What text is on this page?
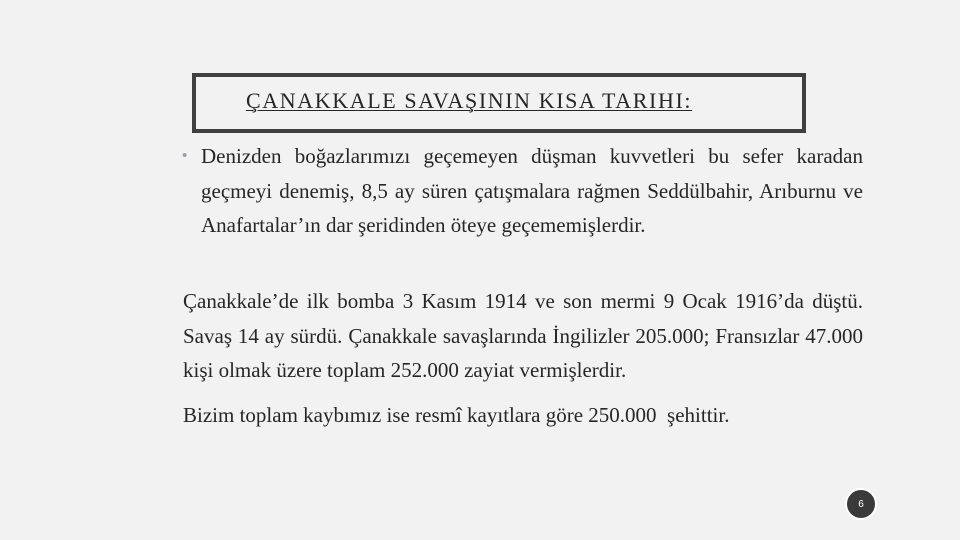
ÇANAKKALE SAVAŞININ KISA TARIHI:
• Denizden boğazlarımızı geçemeyen düşman kuvvetleri bu sefer karadan geçmeyi denemiş, 8,5 ay süren çatışmalara rağmen Seddülbahir, Arıburnu ve Anafartalar’ın dar şeridinden öteye geçememişlerdir.
Çanakkale’de ilk bomba 3 Kasım 1914 ve son mermi 9 Ocak 1916’da düştü. Savaş 14 ay sürdü. Çanakkale savaşlarında İngilizler 205.000; Fransızlar 47.000 kişi olmak üzere toplam 252.000 zayiat vermişlerdir.
Bizim toplam kaybımız ise resmî kayıtlara göre 250.000  şehittir.
6
